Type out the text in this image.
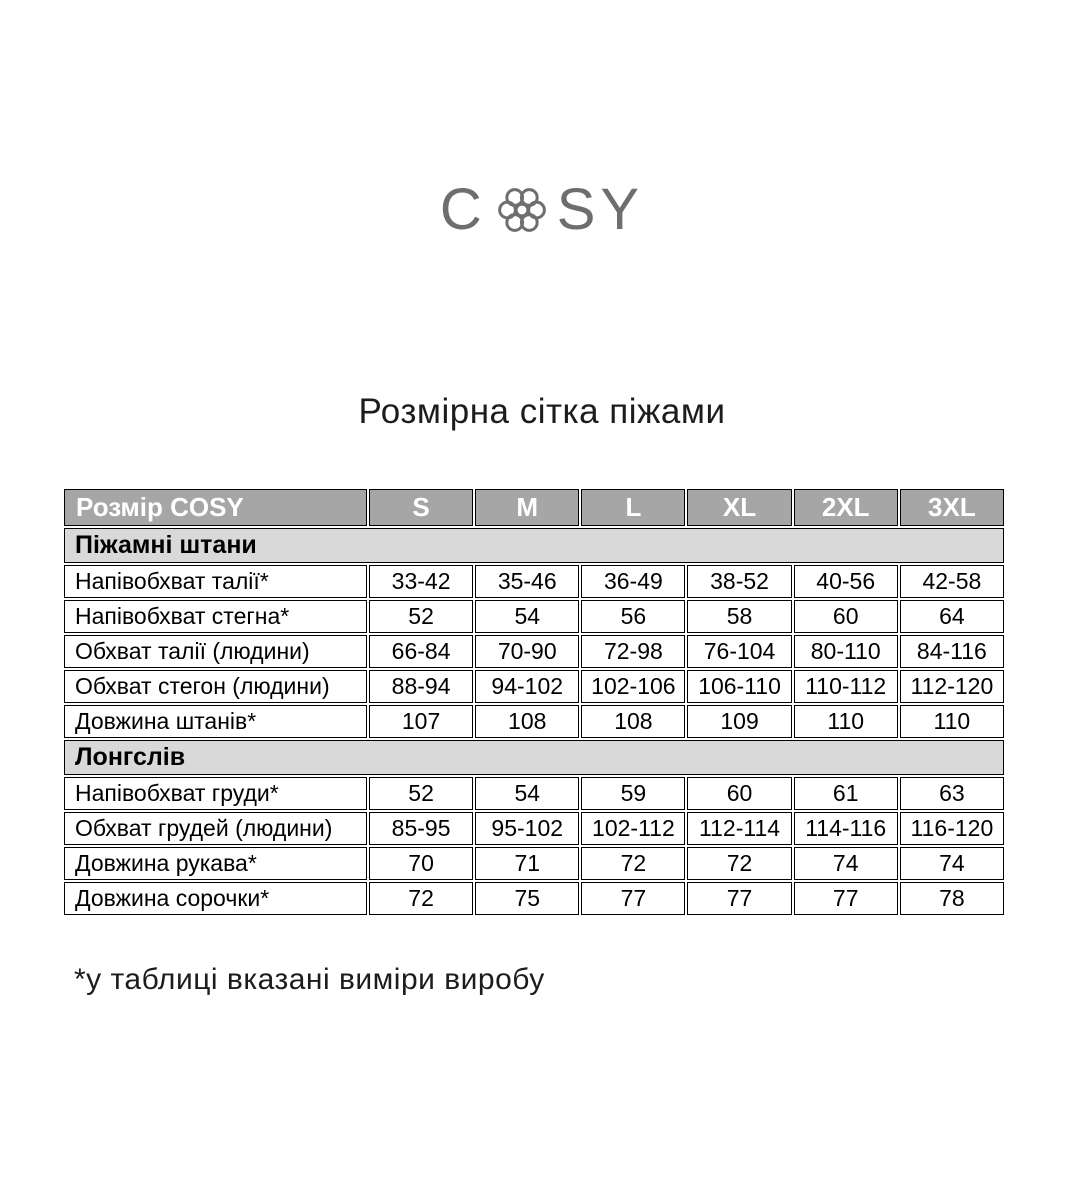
C SY
Розмірна сітка піжами
Розмір COSY	S	M	L	XL	2XL	3XL
Піжамні штани						
Напівобхват талії*	33-42	35-46	36-49	38-52	40-56	42-58
Напівобхват стегна*	52	54	56	58	60	64
Обхват талії (людини)	66-84	70-90	72-98	76-104	80-110	84-116
Обхват стегон (людини)	88-94	94-102	102-106	106-110	110-112	112-120
Довжина штанів*	107	108	108	109	110	110
Лонгслів						
Напівобхват груди*	52	54	59	60	61	63
Обхват грудей (людини)	85-95	95-102	102-112	112-114	114-116	116-120
Довжина рукава*	70	71	72	72	74	74
Довжина сорочки*	72	75	77	77	77	78
*у таблиці вказані виміри виробу
